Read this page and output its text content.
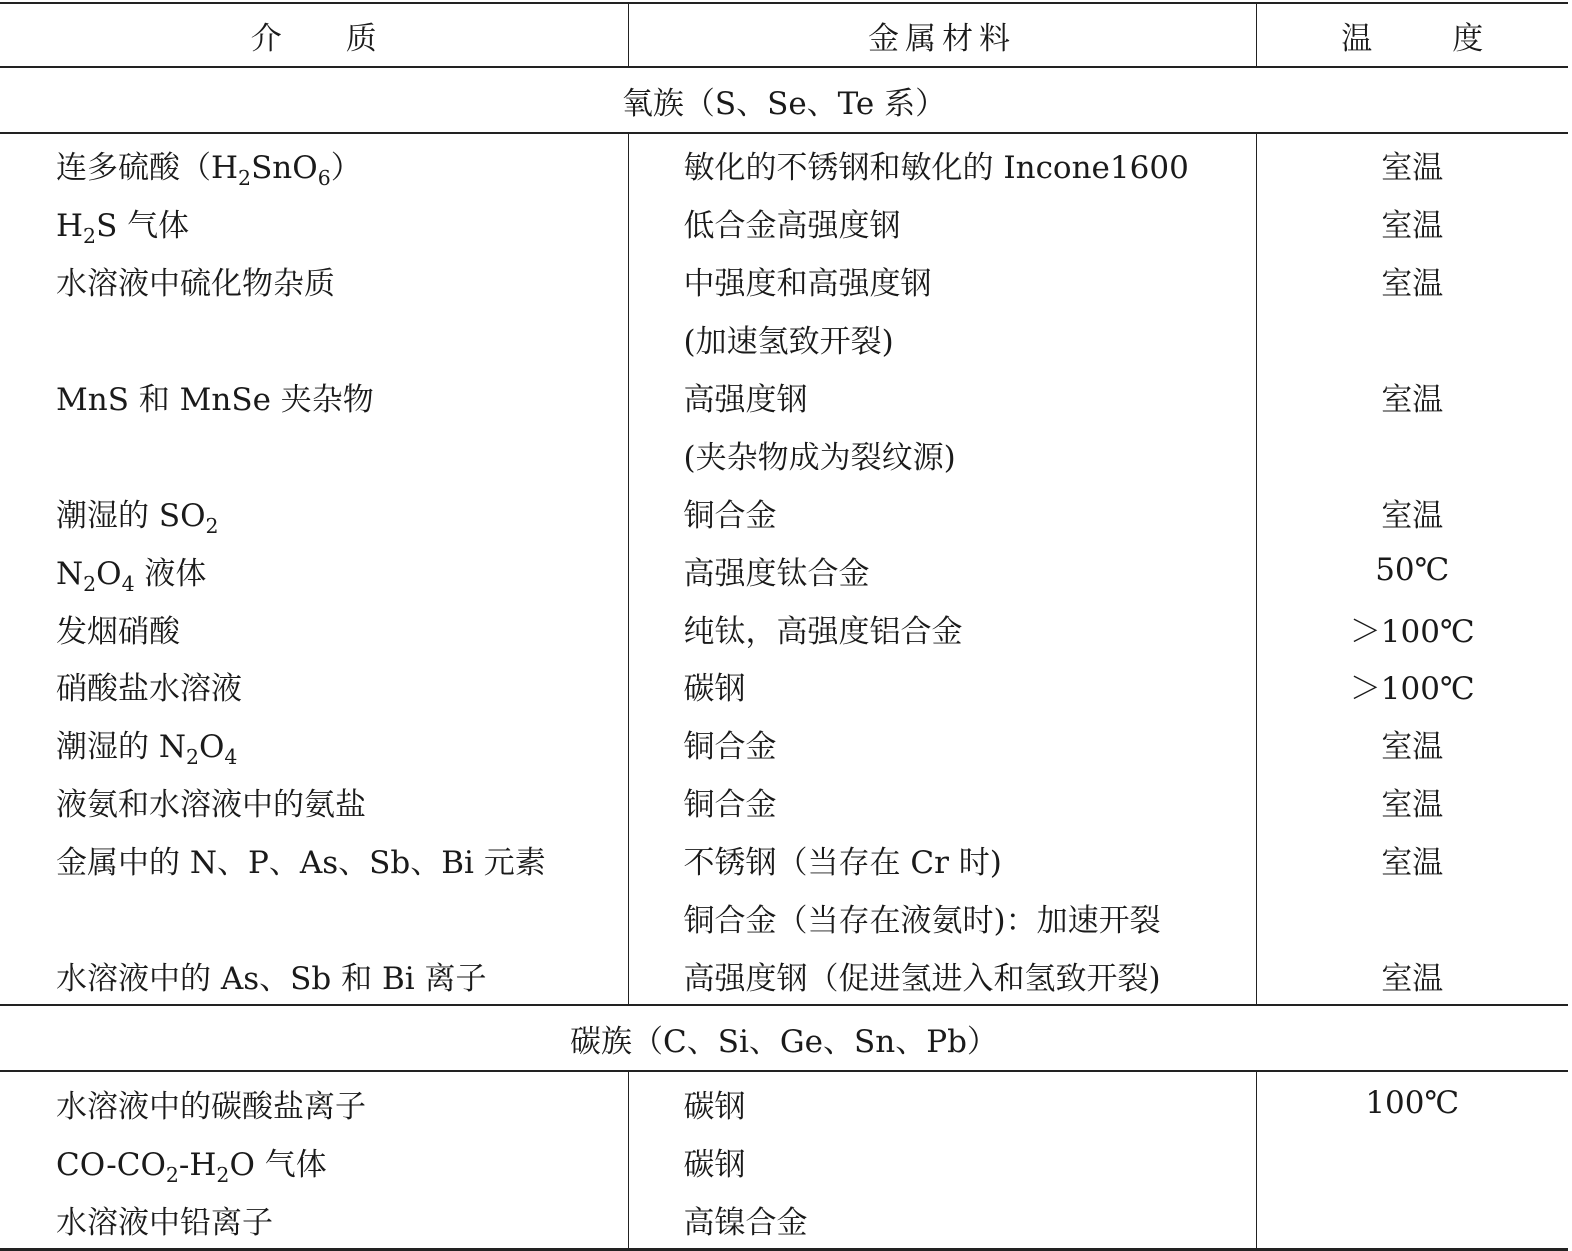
介 质	金属材料	温 度
氧族（S、Se、Te 系）		
连多硫酸$(H_2SnO_6)$	敏化的不锈钢和敏化的 Incone1600	室温
$H_2S$ 气体	低合金高强度钢	室温
水溶液中硫化物杂质	中强度和高强度钢	室温
	(加速氢致开裂)	
MnS 和 MnSe 夹杂物	高强度钢	室温
	(夹杂物成为裂纹源)	
潮湿的 $SO_2$	铜合金	室温
$N_2O_4$ 液体	高强度钛合金	50℃
发烟硝酸	纯钛，高强度铝合金	＞100℃
硝酸盐水溶液	碳钢	＞100℃
潮湿的 $N_2O_4$	铜合金	室温
液氨和水溶液中的氨盐	铜合金	室温
金属中的 N、P、As、Sb、Bi 元素	不锈钢（当存在 Cr 时)	室温
	铜合金（当存在液氨时)：加速开裂	
水溶液中的 As、Sb 和 Bi 离子	高强度钢（促进氢进入和氢致开裂)	室温
碳族（C、Si、Ge、Sn、Pb）		
水溶液中的碳酸盐离子	碳钢	100℃
$CO-CO_2-H_2O$ 气体	碳钢	
水溶液中铅离子	高镍合金	
